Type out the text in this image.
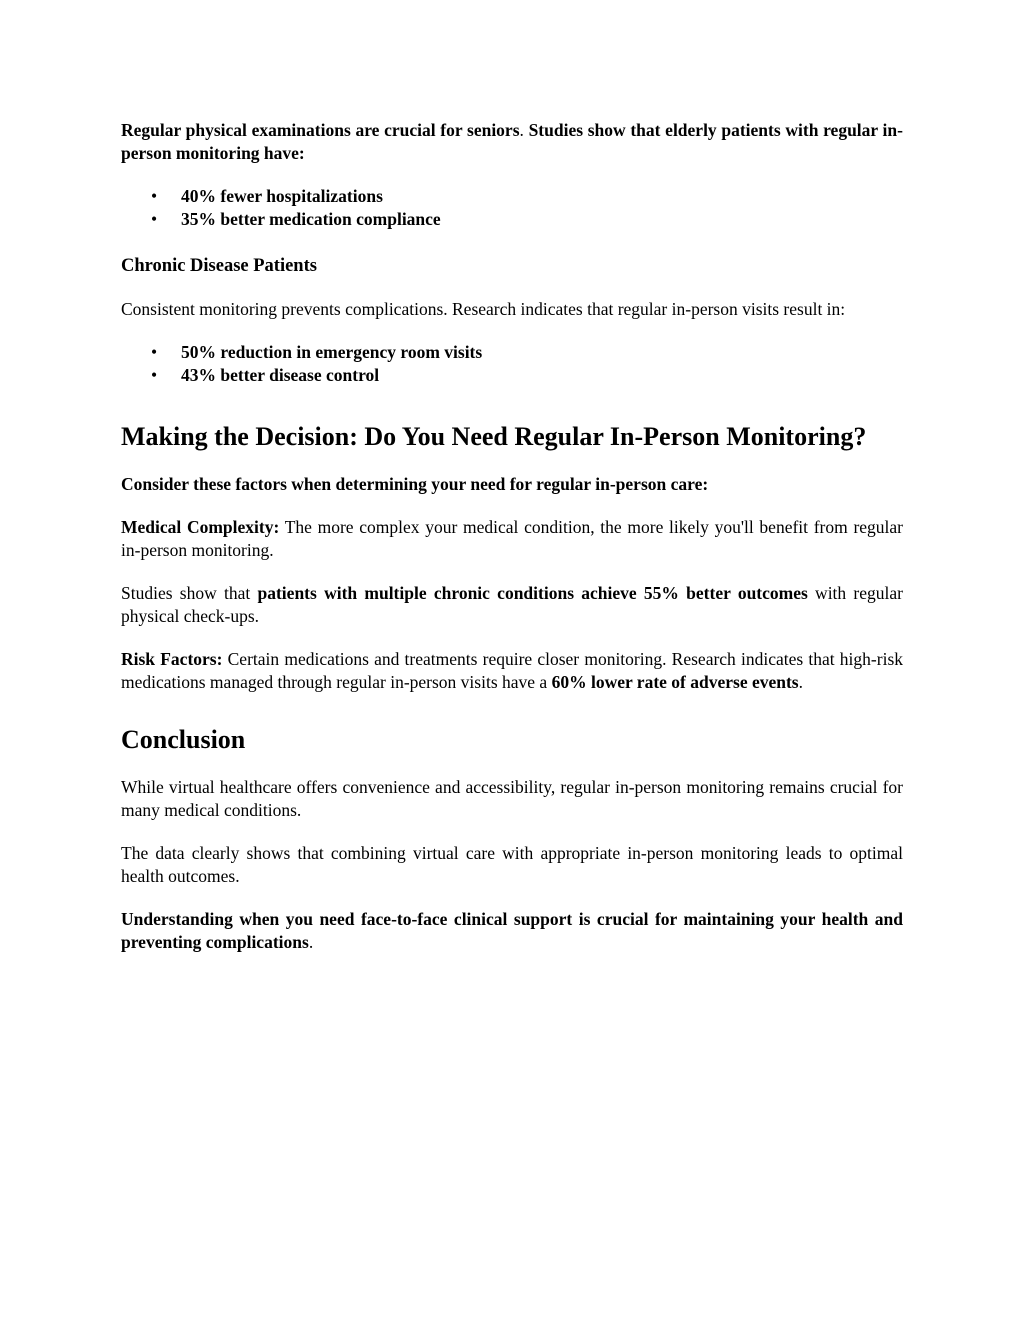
Regular physical examinations are crucial for seniors. Studies show that elderly patients with regular in-person monitoring have:

• 40% fewer hospitalizations
• 35% better medication compliance
Chronic Disease Patients

Consistent monitoring prevents complications. Research indicates that regular in-person visits result in:

• 50% reduction in emergency room visits
• 43% better disease control
Making the Decision: Do You Need Regular In-Person Monitoring?

Consider these factors when determining your need for regular in-person care:

Medical Complexity: The more complex your medical condition, the more likely you'll benefit from regular in-person monitoring.

Studies show that patients with multiple chronic conditions achieve 55% better outcomes with regular physical check-ups.

Risk Factors: Certain medications and treatments require closer monitoring. Research indicates that high-risk medications managed through regular in-person visits have a 60% lower rate of adverse events.

Conclusion

While virtual healthcare offers convenience and accessibility, regular in-person monitoring remains crucial for many medical conditions.

The data clearly shows that combining virtual care with appropriate in-person monitoring leads to optimal health outcomes.

Understanding when you need face-to-face clinical support is crucial for maintaining your health and preventing complications.
